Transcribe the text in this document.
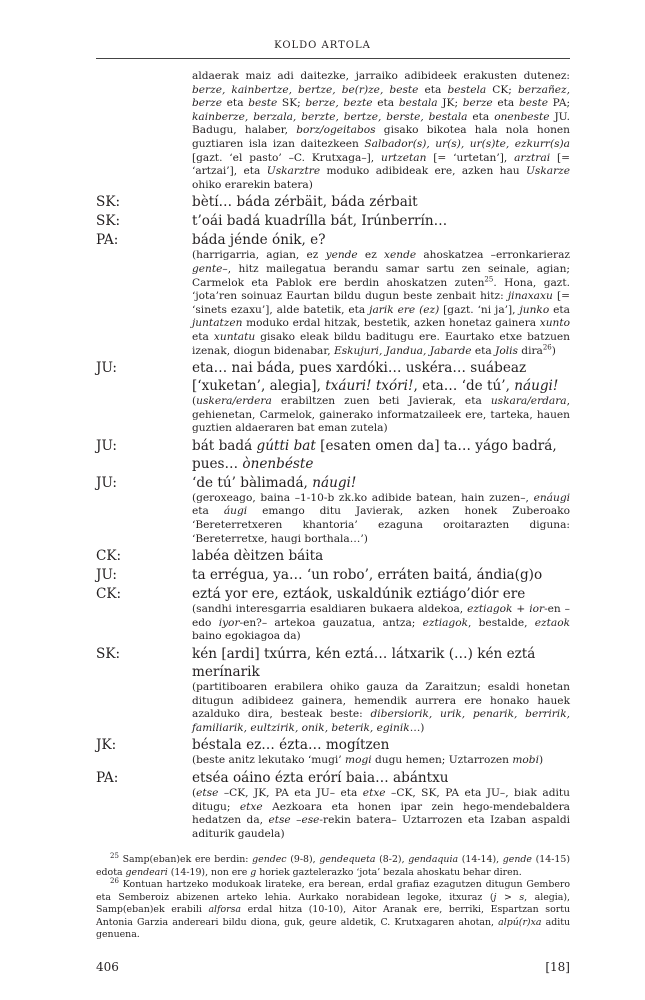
KOLDO ARTOLA
aldaerak maiz adi daitezke, jarraiko adibideek erakusten dutenez: berze, kainbertze, bertze, be(r)ze, beste eta bestela CK; berzañez, berze eta beste SK; berze, bezte eta bestala JK; berze eta beste PA; kainberze, berzala, berzte, bertze, berste, bestala eta onenbeste JU. Badugu, halaber, borz/ogeitabos gisako bikotea hala nola honen guztiaren isla izan daitezkeen Salbador(s), ur(s), ur(s)te, ezkurr(s)a [gazt. ‘el pasto’ –C. Krutxaga–], urtzetan [= ‘urtetan’], arztrai [= ‘artzai’], eta Uskarztre moduko adibideak ere, azken hau Uskarze ohiko erarekin batera)
SK:	bètí… báda zérbäit, báda zérbait
SK:	t’oái badá kuadrílla bát, Irúnberrín…
PA:	báda jénde ónik, e?
(harrigarria, agian, ez yende ez xende ahoskatzea –erronkarieraz gente–, hitz mailegatua berandu samar sartu zen seinale, agian; Carmelok eta Pablok ere berdin ahoskatzen zuten$^{25}$. Hona, gazt. ‘jota’ren soinuaz Eaurtan bildu dugun beste zenbait hitz: jinaxaxu [= ‘sinets ezaxu’], alde batetik, eta jarik ere (ez) [gazt. ‘ni ja’], junko eta juntatzen moduko erdal hitzak, bestetik, azken honetaz gainera xunto eta xuntatu gisako eleak bildu baditugu ere. Eaurtako etxe batzuen izenak, diogun bidenabar, Eskujuri, Jandua, Jabarde eta Jolis dira$^{26}$)
JU:	eta… nai báda, pues xardóki… uskéra… suábeaz [‘xuketan’, alegia], txáuri! txóri!, eta… ‘de tú’, náugi!
(uskera/erdera erabiltzen zuen beti Javierak, eta uskara/erdara, gehienetan, Carmelok, gainerako informatzaileek ere, tarteka, hauen guztien aldaeraren bat eman zutela)
JU:	bát badá gútti bat [esaten omen da] ta… yágo badrá, pues… ònenbéste
JU:	‘de tú’ bàlimadá, náugi!
(geroxeago, baina –1-10-b zk.ko adibide batean, hain zuzen–, enáugi eta áugi emango ditu Javierak, azken honek Zuberoako ‘Bereterretxeren khantoria’ ezaguna oroitarazten diguna: ‘Bereterretxe, haugi borthala…’)
CK:	labéa dèitzen báita
JU:	ta errégua, ya… ‘un robo’, erráten baitá, ándia(g)o
CK:	eztá yor ere, eztáok, uskaldúnik eztiágo’diór ere
(sandhi interesgarria esaldiaren bukaera aldekoa, eztiagok + ior-en –edo iyor-en?– artekoa gauzatua, antza; eztiagok, bestalde, eztaok baino egokiagoa da)
SK:	kén [ardi] txúrra, kén eztá… látxarik (…) kén eztá merínarik
(partitiboaren erabilera ohiko gauza da Zaraitzun; esaldi honetan ditugun adibideez gainera, hemendik aurrera ere honako hauek azalduko dira, besteak beste: dibersiorik, urik, penarik, berririk, familiarik, eultzirik, onik, beterik, eginik…)
JK:	béstala ez… ézta… mogítzen
(beste anitz lekutako ‘mugi’ mogi dugu hemen; Uztarrozen mobi)
PA:	etséa oáino ézta erórí baia… abántxu
(etse –CK, JK, PA eta JU– eta etxe –CK, SK, PA eta JU–, biak aditu ditugu; etxe Aezkoara eta honen ipar zein hego-mendebaldera hedatzen da, etse –ese-rekin batera– Uztarrozen eta Izaban aspaldi aditurik gaudela)

$^{25}$ Samp(eban)ek ere berdin: gendec (9-8), gendequeta (8-2), gendaquia (14-14), gende (14-15) edota gendeari (14-19), non ere g horiek gaztelerazko ‘jota’ bezala ahoskatu behar diren.

$^{26}$ Kontuan hartzeko modukoak lirateke, era berean, erdal grafiaz ezagutzen ditugun Gembero eta Semberoiz abizenen arteko lehia. Aurkako norabidean legoke, itxuraz (j > s, alegia), Samp(eban)ek erabili alforsa erdal hitza (10-10), Aitor Aranak ere, berriki, Espartzan sortu Antonia Garzia andereari bildu diona, guk, geure aldetik, C. Krutxagaren ahotan, alpú(r)xa aditu genuena.

406	[18]
